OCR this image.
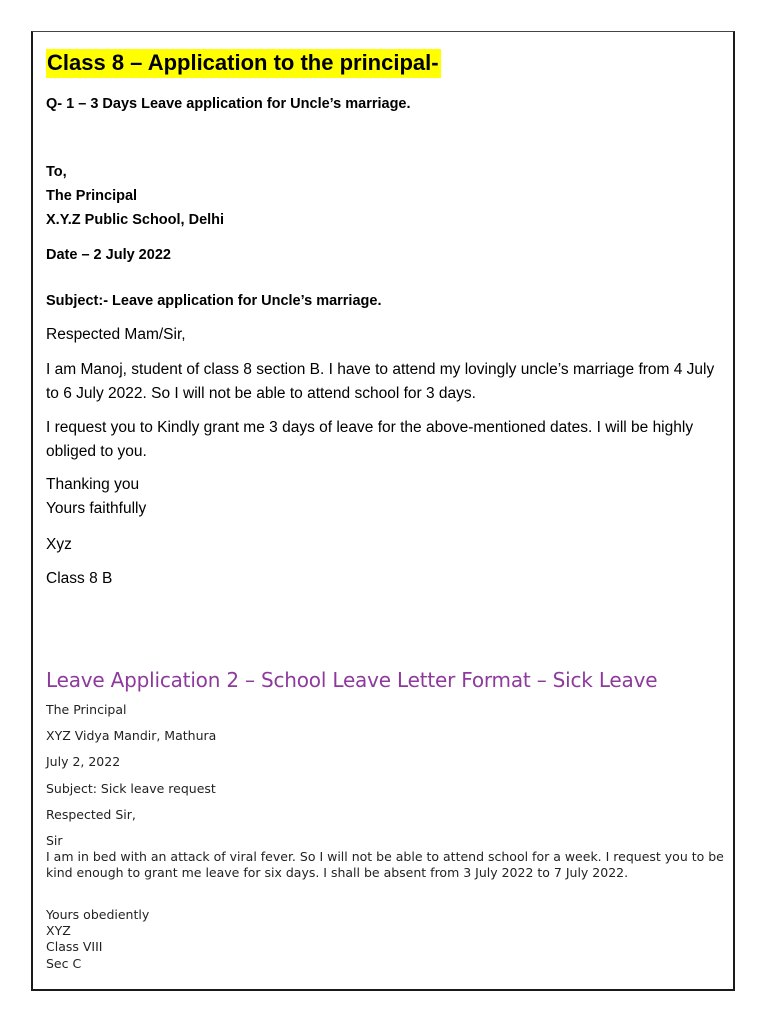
Class 8 – Application to the principal-
Q- 1 – 3 Days Leave application for Uncle’s marriage.
To,
The Principal
X.Y.Z Public School, Delhi
Date – 2 July 2022
Subject:- Leave application for Uncle’s marriage.
Respected Mam/Sir,
I am Manoj, student of class 8 section B. I have to attend my lovingly uncle’s marriage from 4 July to 6 July 2022. So I will not be able to attend school for 3 days.
I request you to Kindly grant me 3 days of leave for the above-mentioned dates. I will be highly obliged to you.
Thanking you
Yours faithfully
Xyz
Class 8 B
Leave Application 2 – School Leave Letter Format – Sick Leave
The Principal
XYZ Vidya Mandir, Mathura
July 2, 2022
Subject: Sick leave request
Respected Sir,
Sir
I am in bed with an attack of viral fever. So I will not be able to attend school for a week. I request you to be kind enough to grant me leave for six days. I shall be absent from 3 July 2022 to 7 July 2022.
Yours obediently
XYZ
Class VIII
Sec C
